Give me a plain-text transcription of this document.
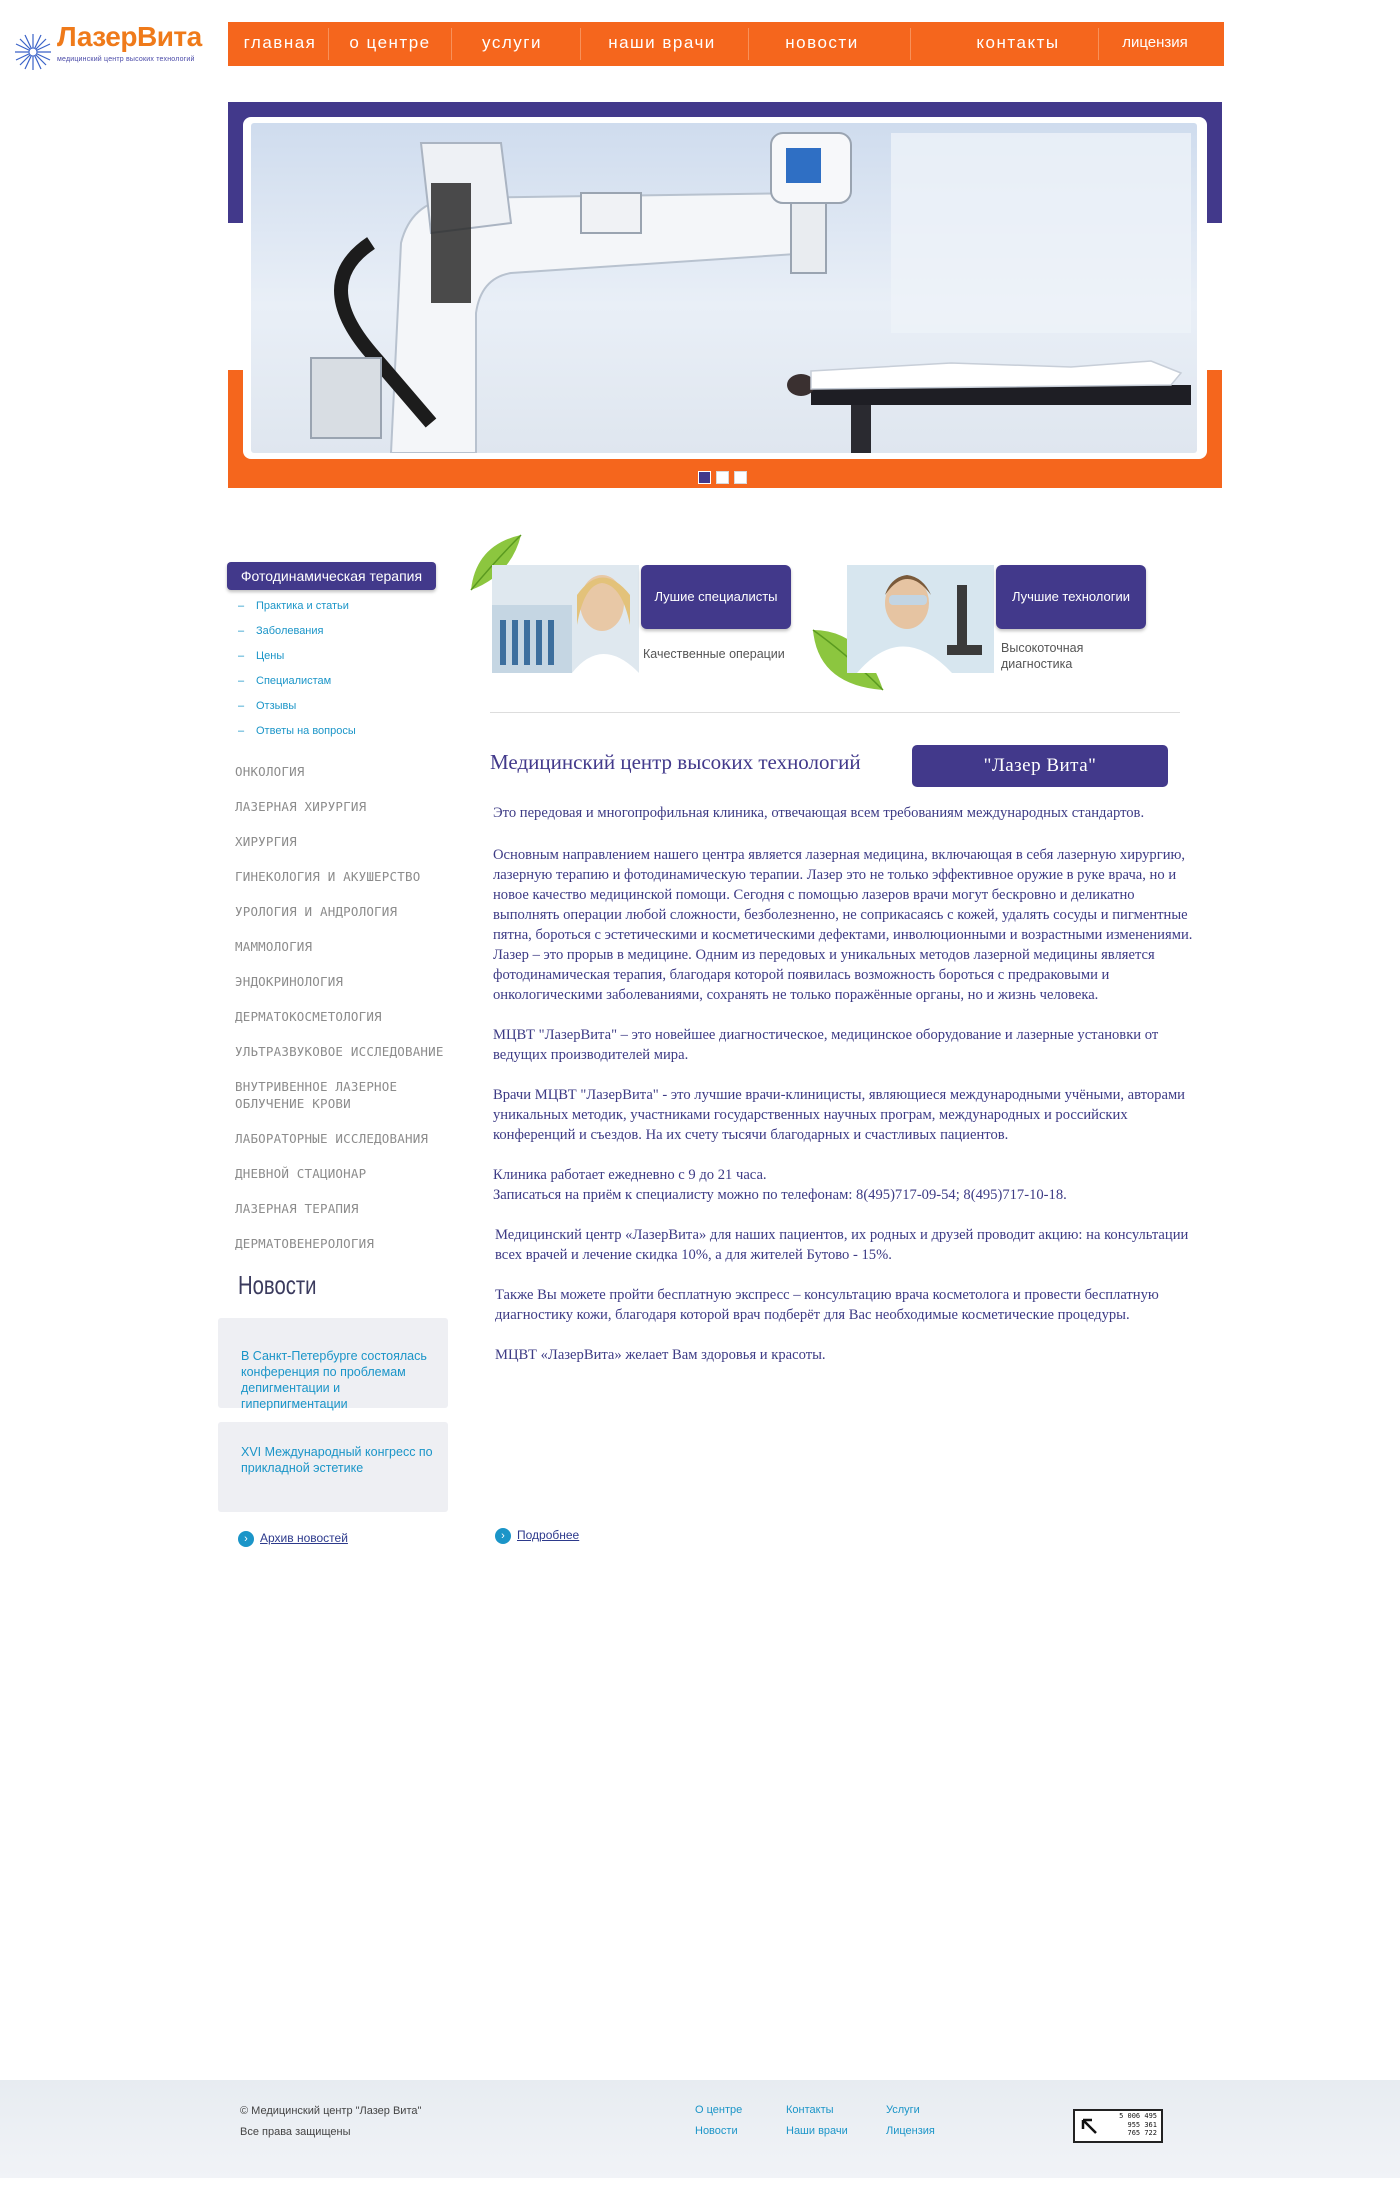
ЛазерВита
медицинский центр высоких технологий
главная	о центре	услуги	наши врачи	новости	контакты	лицензия
Фотодинамическая терапия
– Практика и статьи
– Заболевания
– Цены
– Специалистам
– Отзывы
– Ответы на вопросы
ОНКОЛОГИЯ
ЛАЗЕРНАЯ ХИРУРГИЯ
ХИРУРГИЯ
ГИНЕКОЛОГИЯ И АКУШЕРСТВО
УРОЛОГИЯ И АНДРОЛОГИЯ
МАММОЛОГИЯ
ЭНДОКРИНОЛОГИЯ
ДЕРМАТОКОСМЕТОЛОГИЯ
УЛЬТРАЗВУКОВОЕ ИССЛЕДОВАНИЕ
ВНУТРИВЕННОЕ ЛАЗЕРНОЕ ОБЛУЧЕНИЕ КРОВИ
ЛАБОРАТОРНЫЕ ИССЛЕДОВАНИЯ
ДНЕВНОЙ СТАЦИОНАР
ЛАЗЕРНАЯ ТЕРАПИЯ
ДЕРМАТОВЕНЕРОЛОГИЯ
Новости
В Санкт-Петербурге состоялась конференция по проблемам депигментации и гиперпигментации
XVI Международный конгресс по прикладной эстетике
› Архив новостей
Лушие специалисты
Качественные операции
Лучшие технологии
Высокоточная диагностика
Медицинский центр высоких технологий	"Лазер Вита"

Это передовая и многопрофильная клиника, отвечающая всем требованиям международных стандартов.

Основным направлением нашего центра является лазерная медицина, включающая в себя лазерную хирургию, лазерную терапию и фотодинамическую терапии. Лазер это не только эффективное оружие в руке врача, но и новое качество медицинской помощи. Сегодня с помощью лазеров врачи могут бескровно и деликатно выполнять операции любой сложности, безболезненно, не соприкасаясь с кожей, удалять сосуды и пигментные пятна, бороться с эстетическими и косметическими дефектами, инволюционными и возрастными изменениями. Лазер – это прорыв в медицине. Одним из передовых и уникальных методов лазерной медицины является фотодинамическая терапия, благодаря которой появилась возможность бороться с предраковыми и онкологическими заболеваниями, сохранять не только поражённые органы, но и жизнь человека.

МЦВТ "ЛазерВита" – это новейшее диагностическое, медицинское оборудование и лазерные установки от ведущих производителей мира.

Врачи МЦВТ "ЛазерВита" - это лучшие врачи-клиницисты, являющиеся международными учёными, авторами уникальных методик, участниками государственных научных програм, международных и российских конференций и съездов. На их счету тысячи благодарных и счастливых пациентов.

Клиника работает ежедневно с 9 до 21 часа.
Записаться на приём к специалисту можно по телефонам: 8(495)717-09-54; 8(495)717-10-18.

Медицинский центр «ЛазерВита» для наших пациентов, их родных и друзей проводит акцию: на консультации всех врачей и лечение скидка 10%, а для жителей Бутово - 15%.

Также Вы можете пройти бесплатную экспресс – консультацию врача косметолога и провести бесплатную диагностику кожи, благодаря которой врач подберёт для Вас необходимые косметические процедуры.

МЦВТ «ЛазерВита» желает Вам здоровья и красоты.

› Подробнее
© Медицинский центр "Лазер Вита"
Все права защищены
О центре
Новости
Контакты
Наши врачи
Услуги
Лицензия
5 006 495
955 361
765 722
